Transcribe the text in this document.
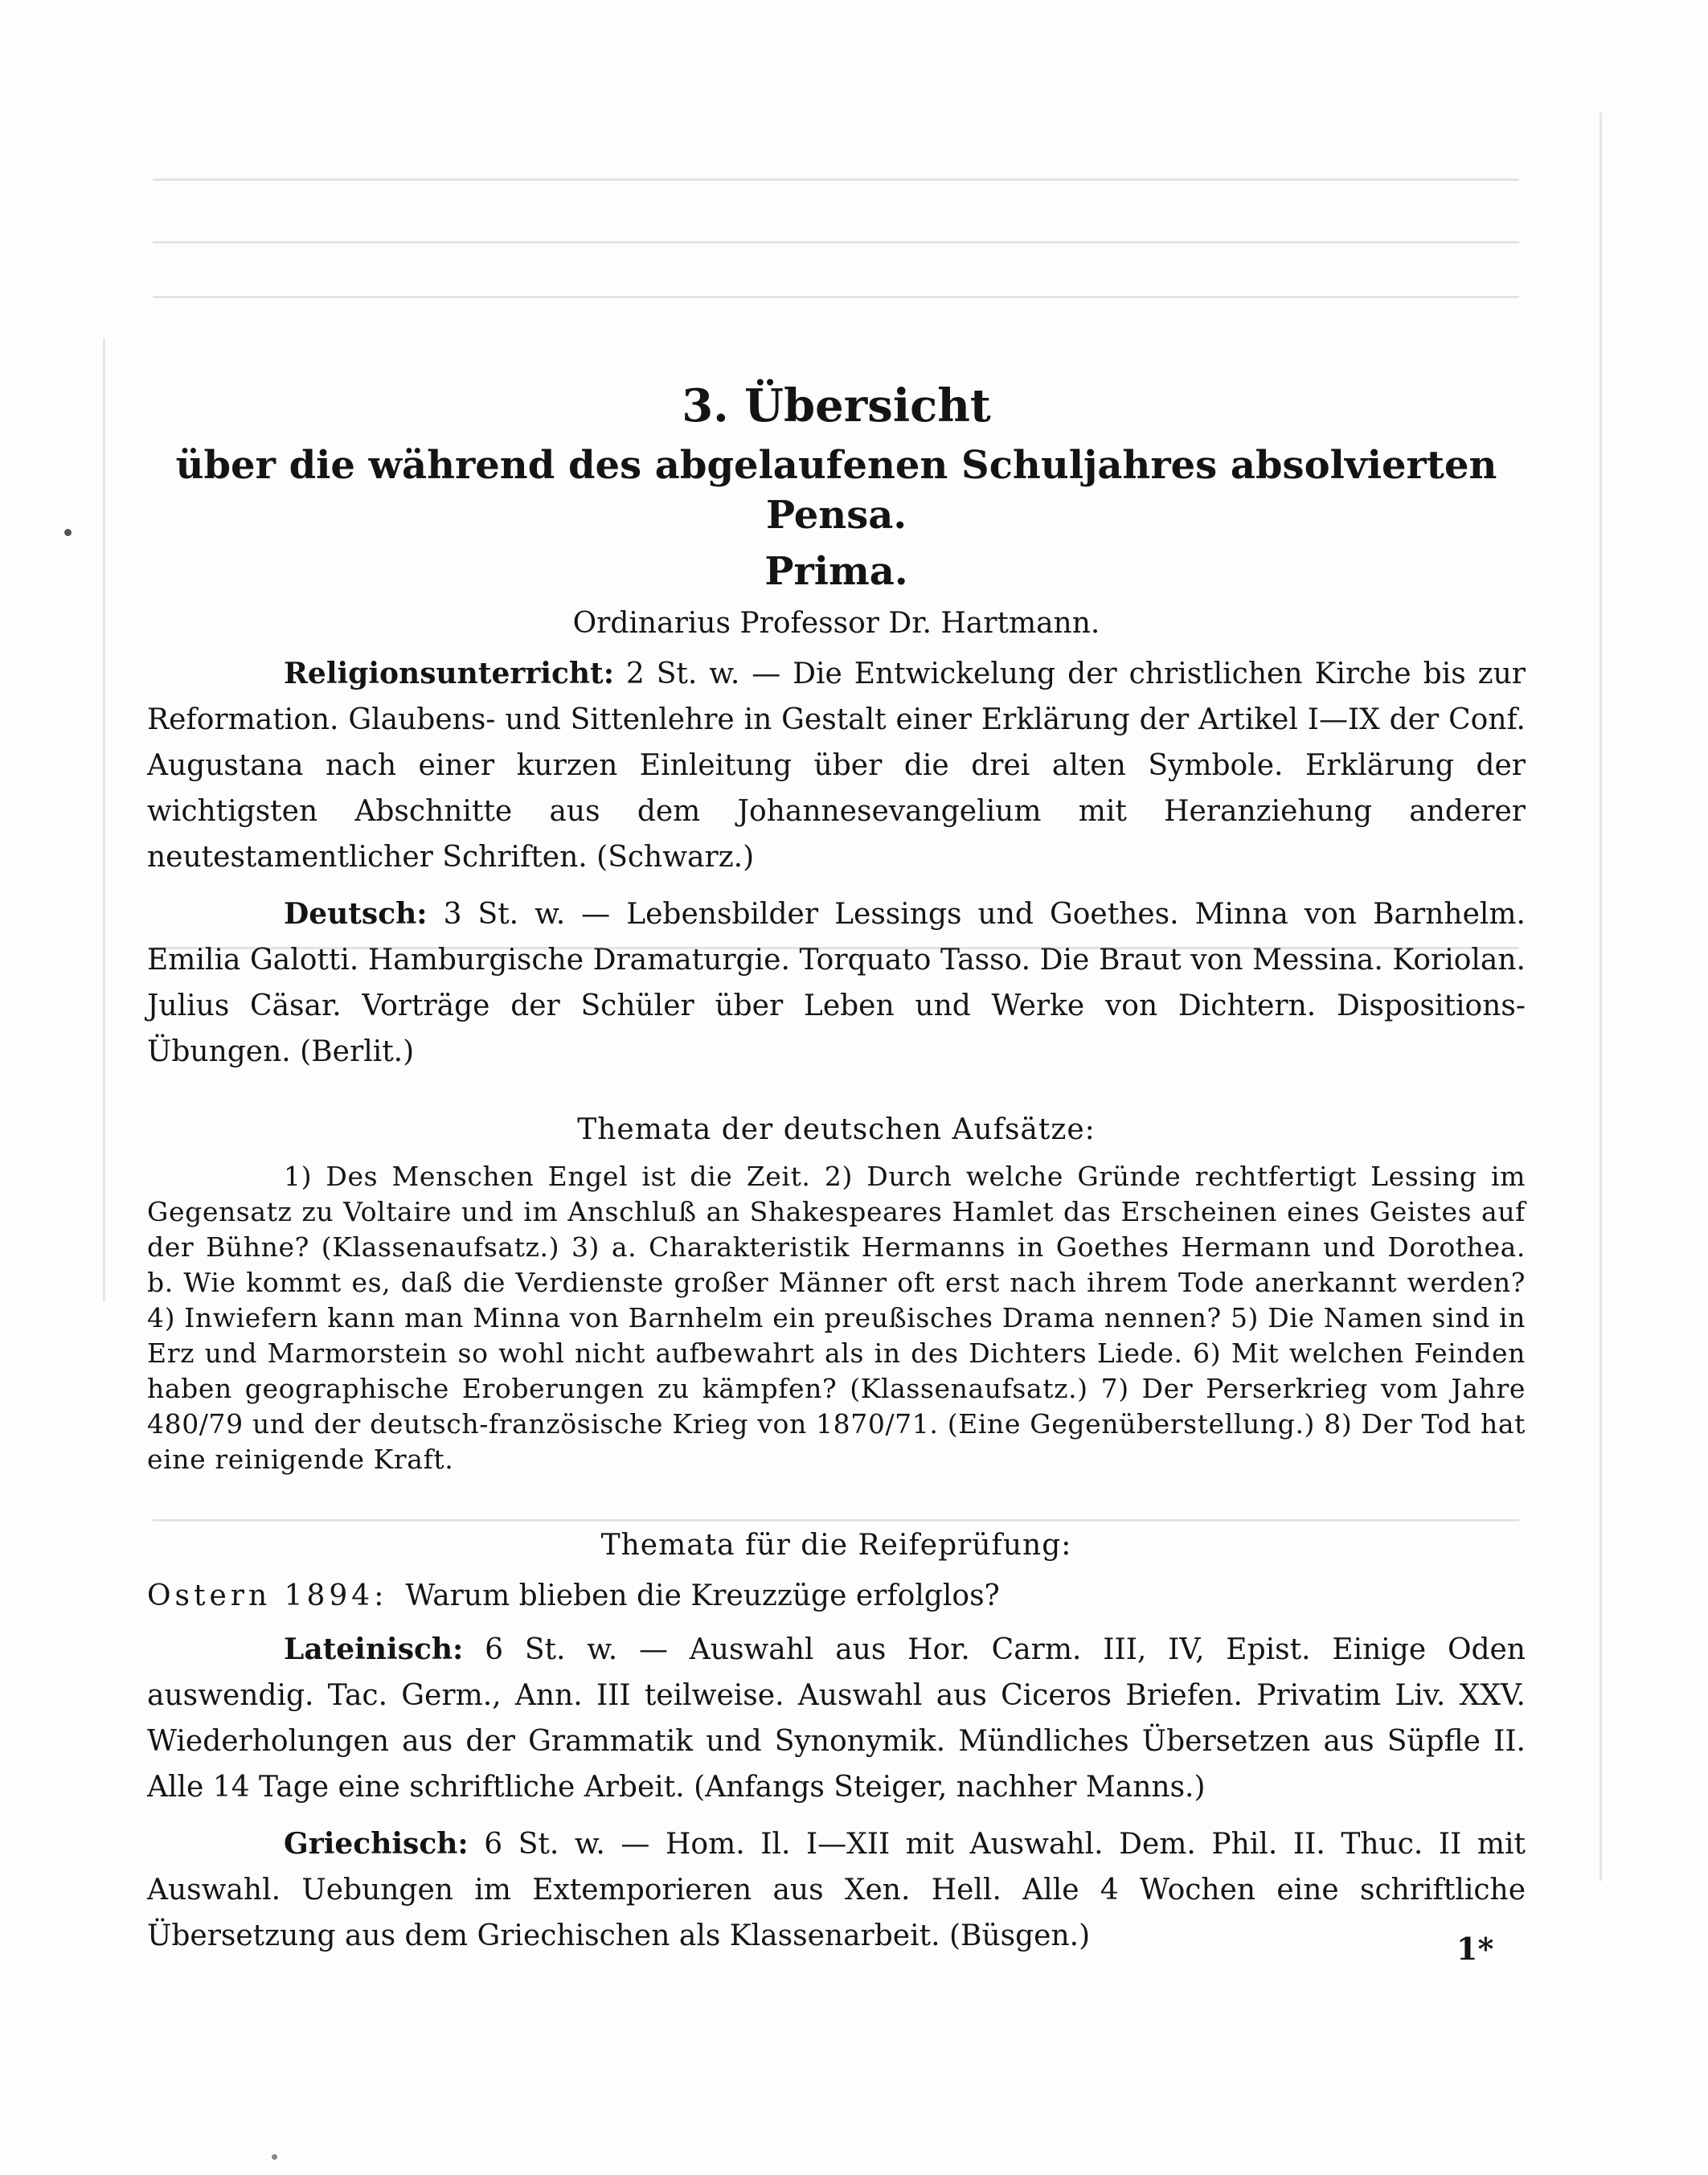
3. Übersicht
über die während des abgelaufenen Schuljahres absolvierten Pensa.
Prima.

Ordinarius Professor Dr. Hartmann.

Religionsunterricht: 2 St. w. — Die Entwickelung der christlichen Kirche bis zur Reformation. Glaubens- und Sittenlehre in Gestalt einer Erklärung der Artikel I—IX der Conf. Augustana nach einer kurzen Einleitung über die drei alten Symbole. Erklärung der wichtigsten Abschnitte aus dem Johannesevangelium mit Heranziehung anderer neutestamentlicher Schriften. (Schwarz.)

Deutsch: 3 St. w. — Lebensbilder Lessings und Goethes. Minna von Barnhelm. Emilia Galotti. Hamburgische Dramaturgie. Torquato Tasso. Die Braut von Messina. Koriolan. Julius Cäsar. Vorträge der Schüler über Leben und Werke von Dichtern. Dispositions-Übungen. (Berlit.)

Themata der deutschen Aufsätze:

1) Des Menschen Engel ist die Zeit. 2) Durch welche Gründe rechtfertigt Lessing im Gegensatz zu Voltaire und im Anschluß an Shakespeares Hamlet das Erscheinen eines Geistes auf der Bühne? (Klassenaufsatz.) 3) a. Charakteristik Hermanns in Goethes Hermann und Dorothea. b. Wie kommt es, daß die Verdienste großer Männer oft erst nach ihrem Tode anerkannt werden? 4) Inwiefern kann man Minna von Barnhelm ein preußisches Drama nennen? 5) Die Namen sind in Erz und Marmorstein so wohl nicht aufbewahrt als in des Dichters Liede. 6) Mit welchen Feinden haben geographische Eroberungen zu kämpfen? (Klassenaufsatz.) 7) Der Perserkrieg vom Jahre 480/79 und der deutsch-französische Krieg von 1870/71. (Eine Gegenüberstellung.) 8) Der Tod hat eine reinigende Kraft.

Themata für die Reifeprüfung:

Ostern 1894: Warum blieben die Kreuzzüge erfolglos?

Lateinisch: 6 St. w. — Auswahl aus Hor. Carm. III, IV, Epist. Einige Oden auswendig. Tac. Germ., Ann. III teilweise. Auswahl aus Ciceros Briefen. Privatim Liv. XXV. Wiederholungen aus der Grammatik und Synonymik. Mündliches Übersetzen aus Süpfle II. Alle 14 Tage eine schriftliche Arbeit. (Anfangs Steiger, nachher Manns.)

Griechisch: 6 St. w. — Hom. Il. I—XII mit Auswahl. Dem. Phil. II. Thuc. II mit Auswahl. Uebungen im Extemporieren aus Xen. Hell. Alle 4 Wochen eine schriftliche Übersetzung aus dem Griechischen als Klassenarbeit. (Büsgen.)	1*
